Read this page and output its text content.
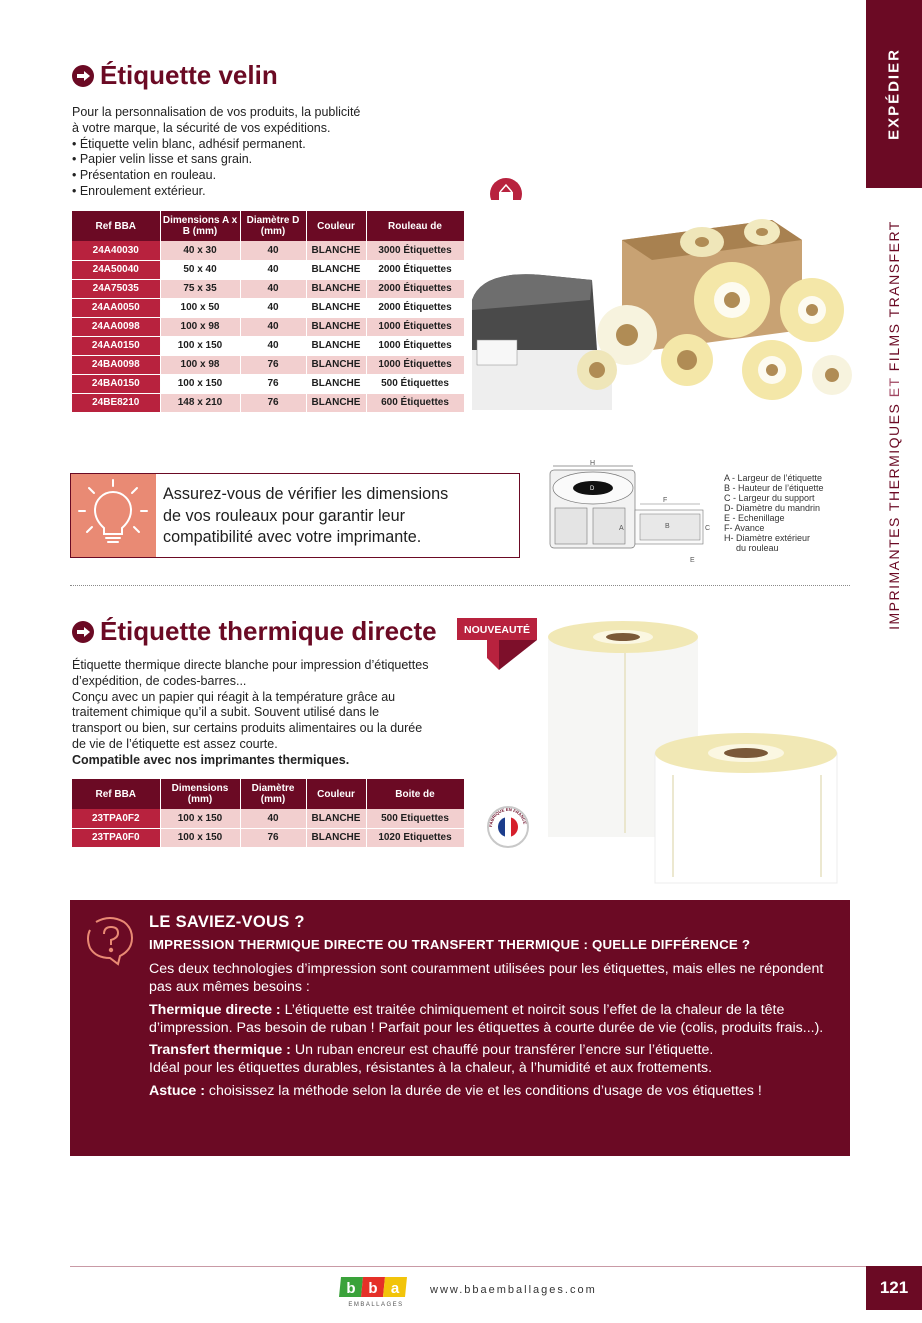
EXPÉDIER
IMPRIMANTES THERMIQUES ET FILMS TRANSFERT
Étiquette velin
Pour la personnalisation de vos produits, la publicité
à votre marque, la sécurité de vos expéditions.
• Étiquette velin blanc, adhésif permanent.
• Papier velin lisse et sans grain.
• Présentation en rouleau.
• Enroulement extérieur.
Ref BBA	Dimensions A x B (mm)	Diamètre D (mm)	Couleur	Rouleau de
24A40030	40 x 30	40	BLANCHE	3000 Étiquettes
24A50040	50 x 40	40	BLANCHE	2000 Étiquettes
24A75035	75 x 35	40	BLANCHE	2000 Étiquettes
24AA0050	100 x 50	40	BLANCHE	2000 Étiquettes
24AA0098	100 x 98	40	BLANCHE	1000 Étiquettes
24AA0150	100 x 150	40	BLANCHE	1000 Étiquettes
24BA0098	100 x 98	76	BLANCHE	1000 Étiquettes
24BA0150	100 x 150	76	BLANCHE	500 Étiquettes
24BE8210	148 x 210	76	BLANCHE	600 Étiquettes
Assurez-vous de vérifier les dimensions
de vos rouleaux pour garantir leur
compatibilité avec votre imprimante.
H
D
F
A	B	C
E
A - Largeur de l’étiquette
B - Hauteur de l’étiquette
C - Largeur du support
D- Diamètre du mandrin
E - Echenillage
F- Avance
H- Diamètre extérieur
du rouleau
Étiquette thermique directe	NOUVEAUTÉ
Étiquette thermique directe blanche pour impression d’étiquettes
d’expédition, de codes-barres...
Conçu avec un papier qui réagit à la température grâce au
traitement chimique qu’il a subit. Souvent utilisé dans le
transport ou bien, sur certains produits alimentaires ou la durée
de vie de l’étiquette est assez courte.
Compatible avec nos imprimantes thermiques.
Ref BBA	Dimensions (mm)	Diamètre (mm)	Couleur	Boite de
23TPA0F2	100 x 150	40	BLANCHE	500 Etiquettes
23TPA0F0	100 x 150	76	BLANCHE	1020 Etiquettes
FABRIQUÉ EN FRANCE
LE SAVIEZ-VOUS ?
IMPRESSION THERMIQUE DIRECTE OU TRANSFERT THERMIQUE : QUELLE DIFFÉRENCE ?

Ces deux technologies d’impression sont couramment utilisées pour les étiquettes, mais elles ne répondent pas aux mêmes besoins :

Thermique directe : L’étiquette est traitée chimiquement et noircit sous l’effet de la chaleur de la tête d’impression. Pas besoin de ruban ! Parfait pour les étiquettes à courte durée de vie (colis, produits frais...).

Transfert thermique : Un ruban encreur est chauffé pour transférer l’encre sur l’étiquette.

Idéal pour les étiquettes durables, résistantes à la chaleur, à l’humidité et aux frottements.

Astuce : choisissez la méthode selon la durée de vie et les conditions d’usage de vos étiquettes !

b b a
EMBALLAGES
www.bbaemballages.com	121
